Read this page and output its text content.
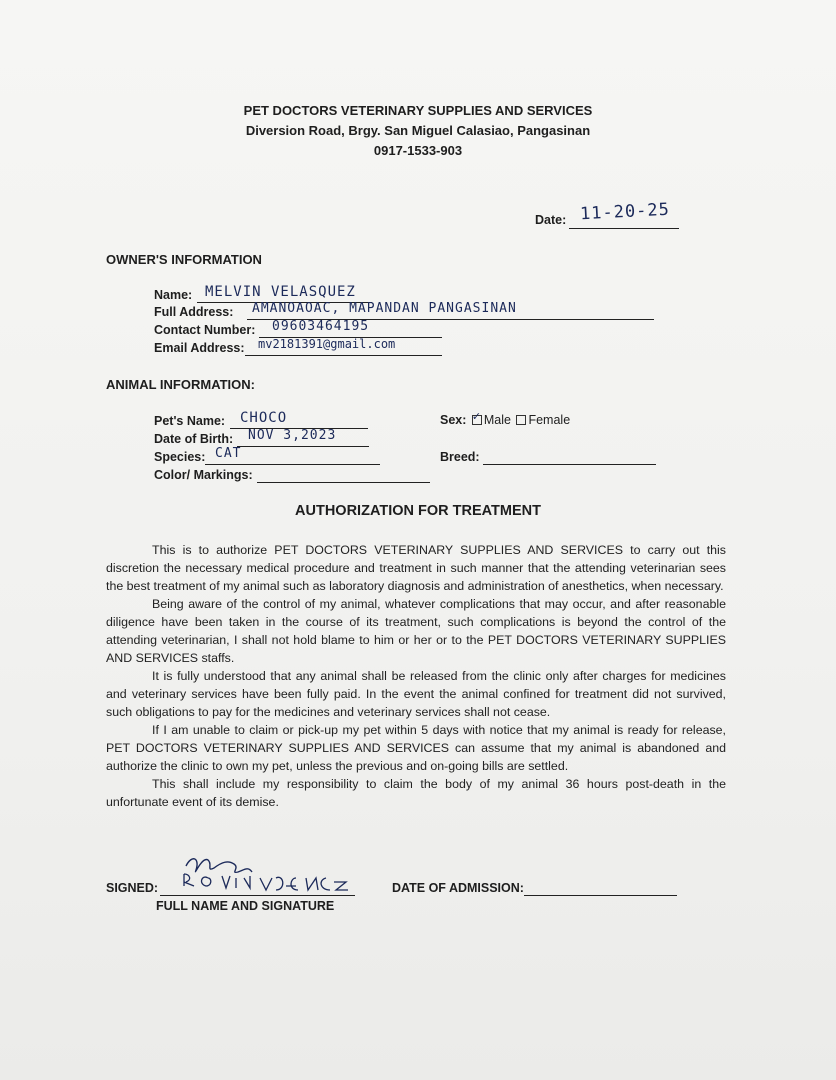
PET DOCTORS VETERINARY SUPPLIES AND SERVICES
Diversion Road, Brgy. San Miguel Calasiao, Pangasinan
0917-1533-903
Date: 11-20-25
OWNER'S INFORMATION
Name: MELVIN VELASQUEZ
Full Address: AMANOAOAC, MAPANDAN PANGASINAN
Contact Number: 09603464195
Email Address: mv2181391@gmail.com
ANIMAL INFORMATION:
Pet's Name: CHOCO	Sex: ✓ Male Female
Date of Birth: NOV 3,2023
Species: CAT	Breed:
Color/ Markings:
AUTHORIZATION FOR TREATMENT

This is to authorize PET DOCTORS VETERINARY SUPPLIES AND SERVICES to carry out this discretion the necessary medical procedure and treatment in such manner that the attending veterinarian sees the best treatment of my animal such as laboratory diagnosis and administration of anesthetics, when necessary.

Being aware of the control of my animal, whatever complications that may occur, and after reasonable diligence have been taken in the course of its treatment, such complications is beyond the control of the attending veterinarian, I shall not hold blame to him or her or to the PET DOCTORS VETERINARY SUPPLIES AND SERVICES staffs.

It is fully understood that any animal shall be released from the clinic only after charges for medicines and veterinary services have been fully paid. In the event the animal confined for treatment did not survived, such obligations to pay for the medicines and veterinary services shall not cease.

If I am unable to claim or pick-up my pet within 5 days with notice that my animal is ready for release, PET DOCTORS VETERINARY SUPPLIES AND SERVICES can assume that my animal is abandoned and authorize the clinic to own my pet, unless the previous and on-going bills are settled.

This shall include my responsibility to claim the body of my animal 36 hours post-death in the unfortunate event of its demise.

SIGNED:
FULL NAME AND SIGNATURE
DATE OF ADMISSION:
